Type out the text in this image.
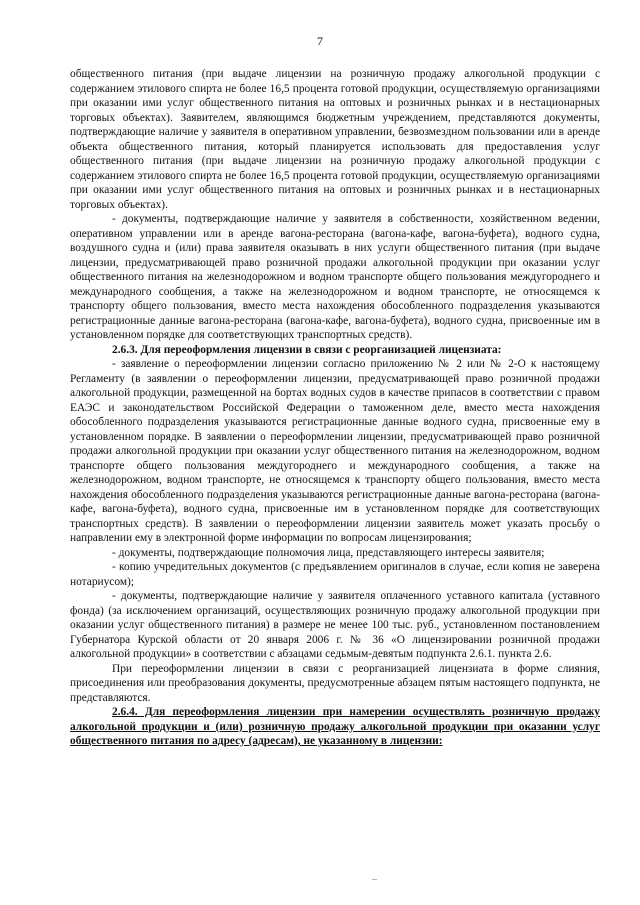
7

общественного питания (при выдаче лицензии на розничную продажу алкогольной продукции с содержанием этилового спирта не более 16,5 процента готовой продукции, осуществляемую организациями при оказании ими услуг общественного питания на оптовых и розничных рынках и в нестационарных торговых объектах). Заявителем, являющимся бюджетным учреждением, представляются документы, подтверждающие наличие у заявителя в оперативном управлении, безвозмездном пользовании или в аренде объекта общественного питания, который планируется использовать для предоставления услуг общественного питания (при выдаче лицензии на розничную продажу алкогольной продукции с содержанием этилового спирта не более 16,5 процента готовой продукции, осуществляемую организациями при оказании ими услуг общественного питания на оптовых и розничных рынках и в нестационарных торговых объектах).

- документы, подтверждающие наличие у заявителя в собственности, хозяйственном ведении, оперативном управлении или в аренде вагона-ресторана (вагона-кафе, вагона-буфета), водного судна, воздушного судна и (или) права заявителя оказывать в них услуги общественного питания (при выдаче лицензии, предусматривающей право розничной продажи алкогольной продукции при оказании услуг общественного питания на железнодорожном и водном транспорте общего пользования междугороднего и международного сообщения, а также на железнодорожном и водном транспорте, не относящемся к транспорту общего пользования, вместо места нахождения обособленного подразделения указываются регистрационные данные вагона-ресторана (вагона-кафе, вагона-буфета), водного судна, присвоенные им в установленном порядке для соответствующих транспортных средств).

2.6.3. Для переоформления лицензии в связи с реорганизацией лицензиата:

- заявление о переоформлении лицензии согласно приложению № 2 или № 2-О к настоящему Регламенту (в заявлении о переоформлении лицензии, предусматривающей право розничной продажи алкогольной продукции, размещенной на бортах водных судов в качестве припасов в соответствии с правом ЕАЭС и законодательством Российской Федерации о таможенном деле, вместо места нахождения обособленного подразделения указываются регистрационные данные водного судна, присвоенные ему в установленном порядке. В заявлении о переоформлении лицензии, предусматривающей право розничной продажи алкогольной продукции при оказании услуг общественного питания на железнодорожном, водном транспорте общего пользования междугороднего и международного сообщения, а также на железнодорожном, водном транспорте, не относящемся к транспорту общего пользования, вместо места нахождения обособленного подразделения указываются регистрационные данные вагона-ресторана (вагона-кафе, вагона-буфета), водного судна, присвоенные им в установленном порядке для соответствующих транспортных средств). В заявлении о переоформлении лицензии заявитель может указать просьбу о направлении ему в электронной форме информации по вопросам лицензирования;

- документы, подтверждающие полномочия лица, представляющего интересы заявителя;

- копию учредительных документов (с предъявлением оригиналов в случае, если копия не заверена нотариусом);

- документы, подтверждающие наличие у заявителя оплаченного уставного капитала (уставного фонда) (за исключением организаций, осуществляющих розничную продажу алкогольной продукции при оказании услуг общественного питания) в размере не менее 100 тыс. руб., установленном постановлением Губернатора Курской области от 20 января 2006 г. № 36 «О лицензировании розничной продажи алкогольной продукции» в соответствии с абзацами седьмым-девятым подпункта 2.6.1. пункта 2.6.

При переоформлении лицензии в связи с реорганизацией лицензиата в форме слияния, присоединения или преобразования документы, предусмотренные абзацем пятым настоящего подпункта, не представляются.

2.6.4. Для переоформления лицензии при намерении осуществлять розничную продажу алкогольной продукции и (или) розничную продажу алкогольной продукции при оказании услуг общественного питания по адресу (адресам), не указанному в лицензии:

‒
